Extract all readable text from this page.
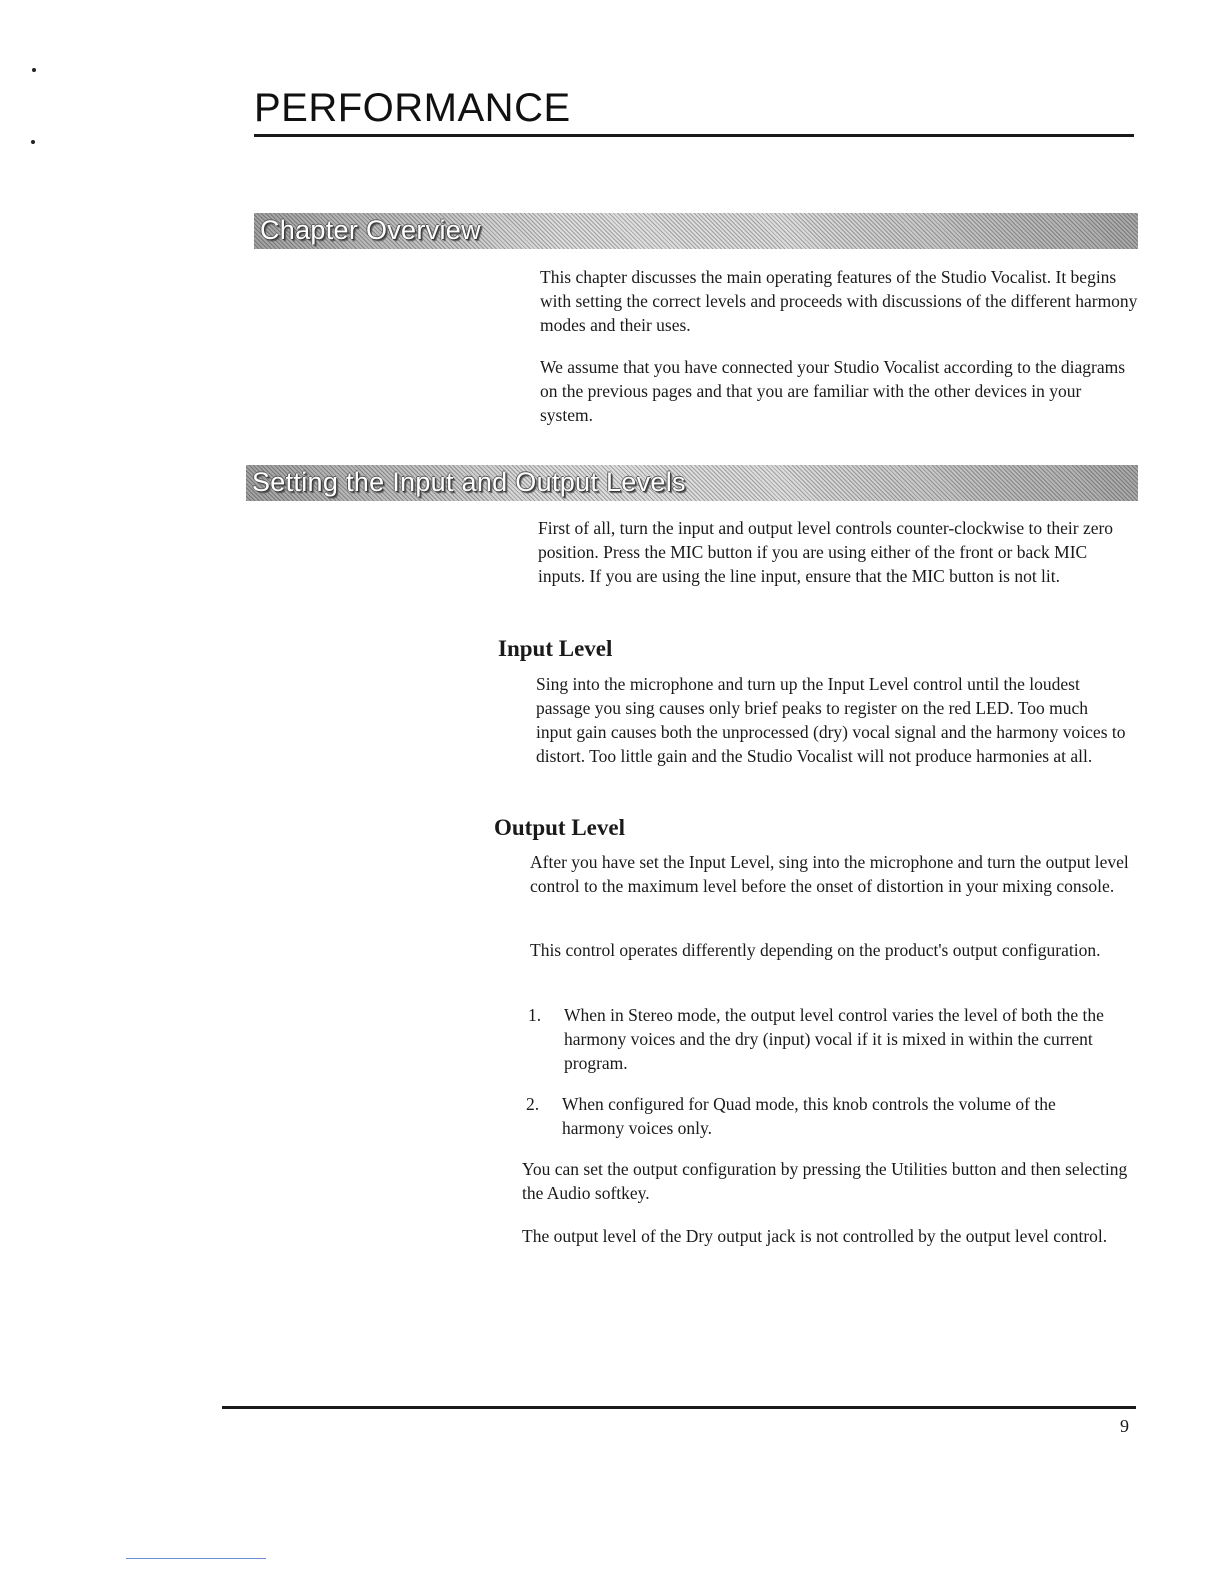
PERFORMANCE
Chapter Overview

This chapter discusses the main operating features of the Studio Vocalist. It begins with setting the correct levels and proceeds with discussions of the different harmony modes and their uses.

We assume that you have connected your Studio Vocalist according to the diagrams on the previous pages and that you are familiar with the other devices in your system.

Setting the Input and Output Levels

First of all, turn the input and output level controls counter-clockwise to their zero position. Press the MIC button if you are using either of the front or back MIC inputs. If you are using the line input, ensure that the MIC button is not lit.

Input Level

Sing into the microphone and turn up the Input Level control until the loudest passage you sing causes only brief peaks to register on the red LED. Too much input gain causes both the unprocessed (dry) vocal signal and the harmony voices to distort. Too little gain and the Studio Vocalist will not produce harmonies at all.

Output Level

After you have set the Input Level, sing into the microphone and turn the output level control to the maximum level before the onset of distortion in your mixing console.

This control operates differently depending on the product's output configuration.

1. When in Stereo mode, the output level control varies the level of both the the harmony voices and the dry (input) vocal if it is mixed in within the current program.

2. When configured for Quad mode, this knob controls the volume of the harmony voices only.

You can set the output configuration by pressing the Utilities button and then selecting the Audio softkey.

The output level of the Dry output jack is not controlled by the output level control.

9
